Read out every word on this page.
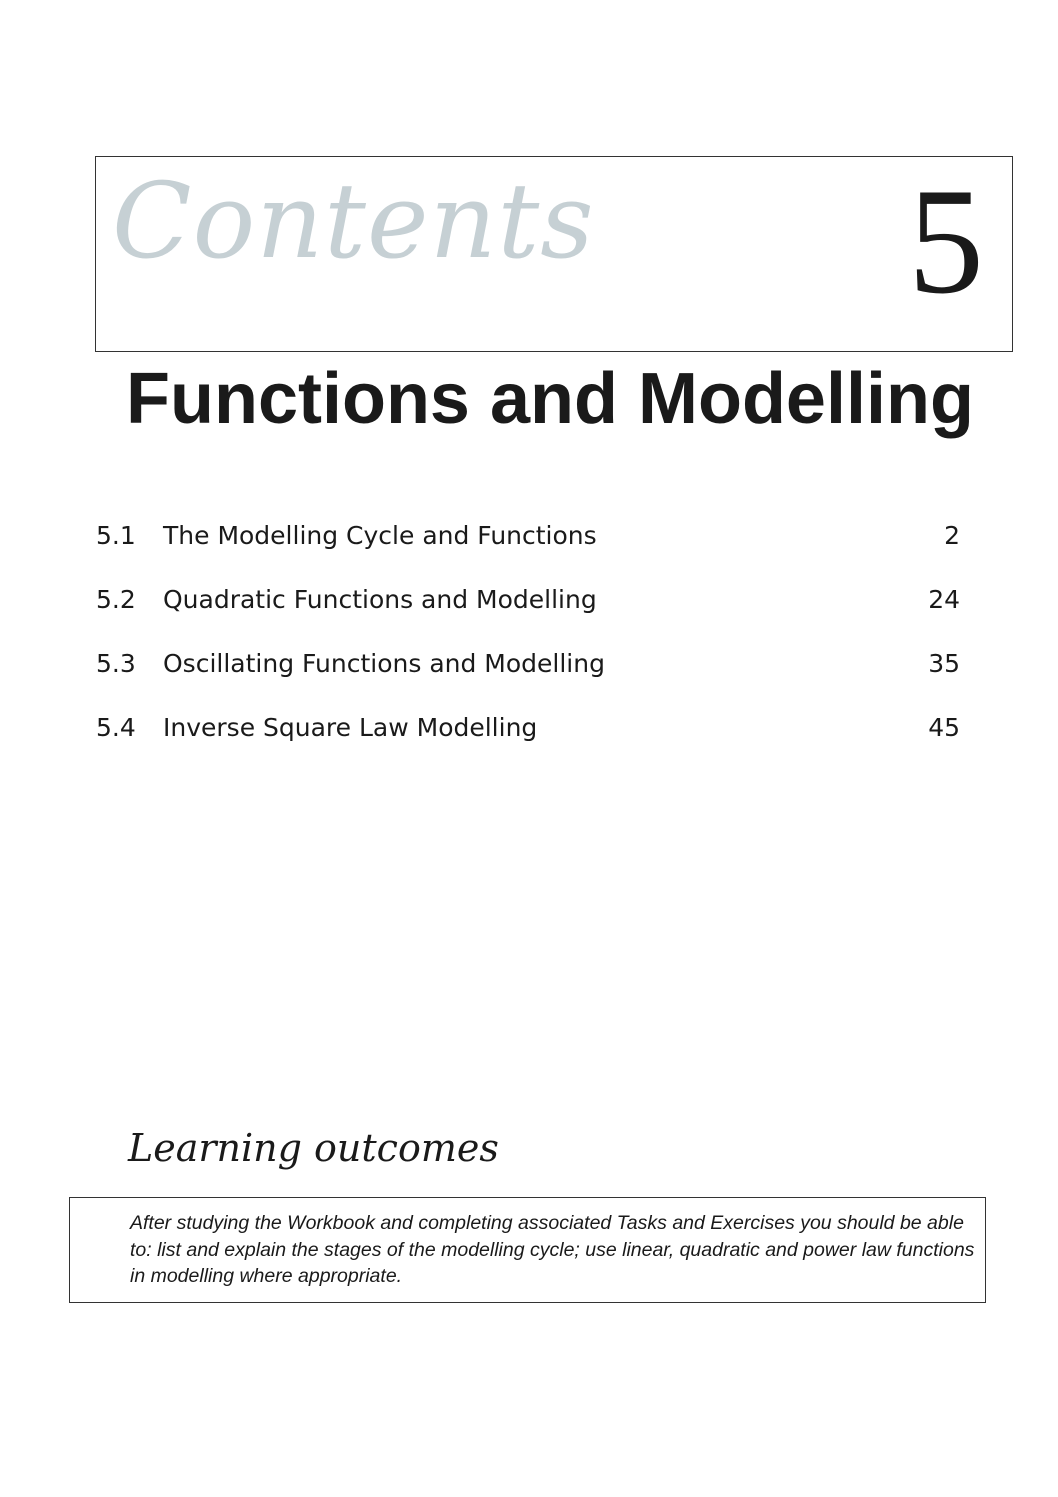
Contents 5
Functions and Modelling
5.1 The Modelling Cycle and Functions	2
5.2 Quadratic Functions and Modelling	24
5.3 Oscillating Functions and Modelling	35
5.4 Inverse Square Law Modelling	45
Learning outcomes

After studying the Workbook and completing associated Tasks and Exercises you should be able to: list and explain the stages of the modelling cycle; use linear, quadratic and power law functions in modelling where appropriate.
